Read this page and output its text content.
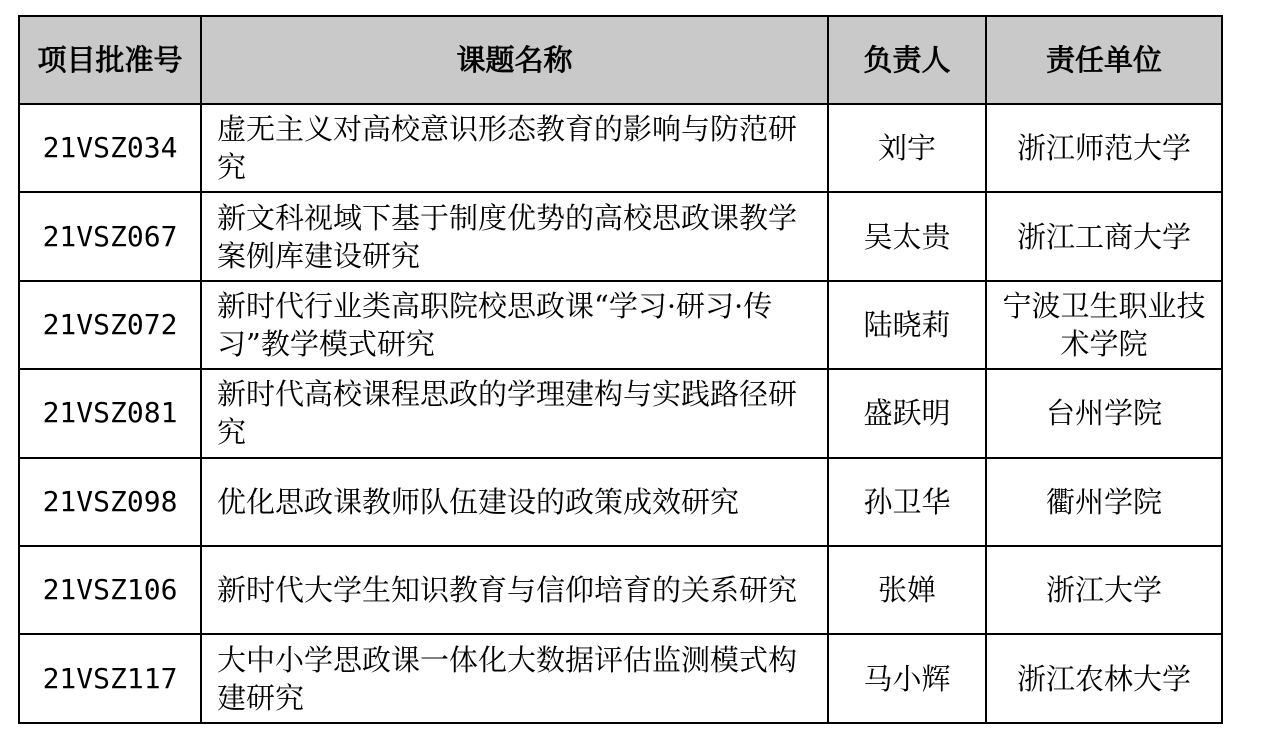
项目批准号	课题名称	负责人	责任单位
21VSZ034	虚无主义对高校意识形态教育的影响与防范研究	刘宇	浙江师范大学
21VSZ067	新文科视域下基于制度优势的高校思政课教学案例库建设研究	吴太贵	浙江工商大学
21VSZ072	新时代行业类高职院校思政课“学习·研习·传习”教学模式研究	陆晓莉	宁波卫生职业技术学院
21VSZ081	新时代高校课程思政的学理建构与实践路径研究	盛跃明	台州学院
21VSZ098	优化思政课教师队伍建设的政策成效研究	孙卫华	衢州学院
21VSZ106	新时代大学生知识教育与信仰培育的关系研究	张婵	浙江大学
21VSZ117	大中小学思政课一体化大数据评估监测模式构建研究	马小辉	浙江农林大学
